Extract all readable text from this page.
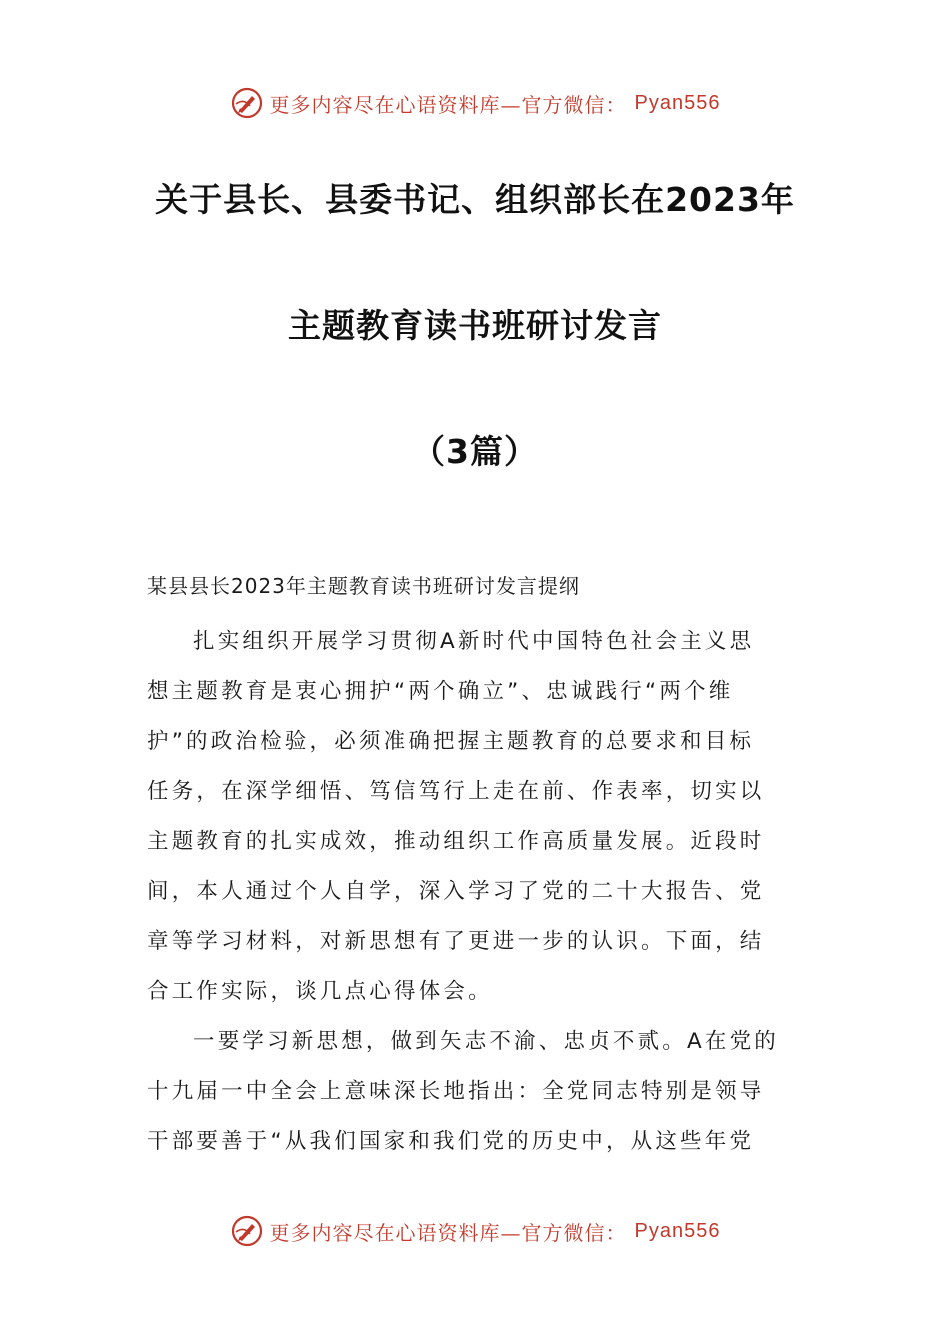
更多内容尽在心语资料库—官方微信： Pyan556
关于县长、县委书记、组织部长在2023年
主题教育读书班研讨发言
（3篇）
某县县长2023年主题教育读书班研讨发言提纲
扎实组织开展学习贯彻A新时代中国特色社会主义思
想主题教育是衷心拥护“两个确立”、忠诚践行“两个维
护”的政治检验，必须准确把握主题教育的总要求和目标
任务，在深学细悟、笃信笃行上走在前、作表率，切实以
主题教育的扎实成效，推动组织工作高质量发展。近段时
间，本人通过个人自学，深入学习了党的二十大报告、党
章等学习材料，对新思想有了更进一步的认识。下面，结
合工作实际，谈几点心得体会。
一要学习新思想，做到矢志不渝、忠贞不贰。A在党的
十九届一中全会上意味深长地指出：全党同志特别是领导
干部要善于“从我们国家和我们党的历史中，从这些年党
更多内容尽在心语资料库—官方微信： Pyan556
